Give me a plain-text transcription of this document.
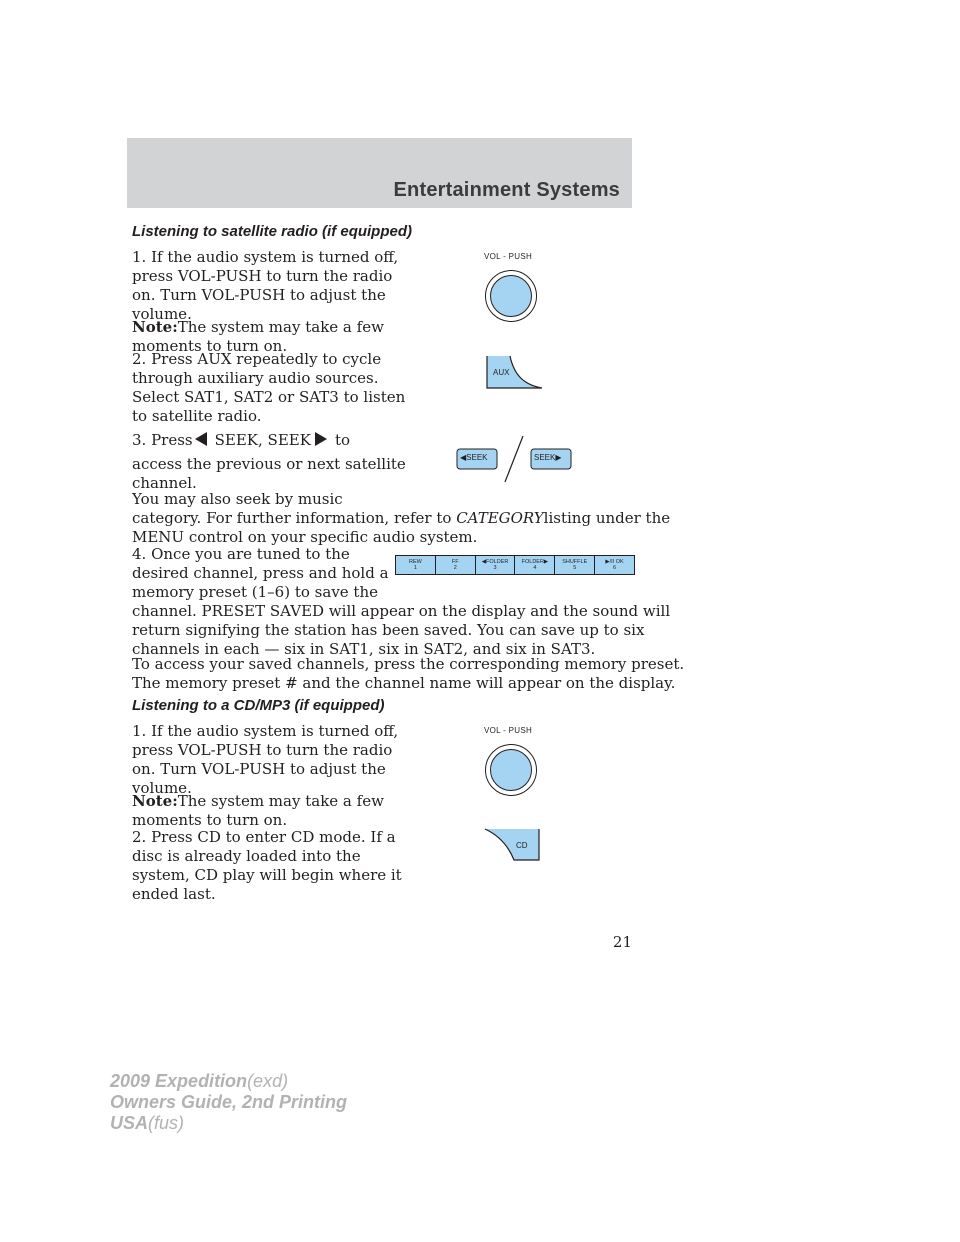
Entertainment Systems
Listening to satellite radio (if equipped)
1. If the audio system is turned off,
press VOL-PUSH to turn the radio
on. Turn VOL-PUSH to adjust the
volume.
Note:The system may take a few
moments to turn on.
2. Press AUX repeatedly to cycle
through auxiliary audio sources.
Select SAT1, SAT2 or SAT3 to listen
to satellite radio.
3. Press SEEK, SEEK to
access the previous or next satellite
channel.
You may also seek by music
category. For further information, refer to CATEGORYlisting under the
MENU control on your specific audio system.
4. Once you are tuned to the
desired channel, press and hold a
memory preset (1–6) to save the
channel. PRESET SAVED will appear on the display and the sound will
return signifying the station has been saved. You can save up to six
channels in each — six in SAT1, six in SAT2, and six in SAT3.
To access your saved channels, press the corresponding memory preset.
The memory preset # and the channel name will appear on the display.
VOL - PUSH
AUX
◀SEEK	SEEK▶
REW
1
FF
2
◀FOLDER
3
FOLDER▶
4
SHUFFLE
5
▶/II OK
6
Listening to a CD/MP3 (if equipped)
1. If the audio system is turned off,
press VOL-PUSH to turn the radio
on. Turn VOL-PUSH to adjust the
volume.
Note:The system may take a few
moments to turn on.
2. Press CD to enter CD mode. If a
disc is already loaded into the
system, CD play will begin where it
ended last.
VOL - PUSH
CD
21
2009 Expedition(exd)
Owners Guide, 2nd Printing
USA(fus)
